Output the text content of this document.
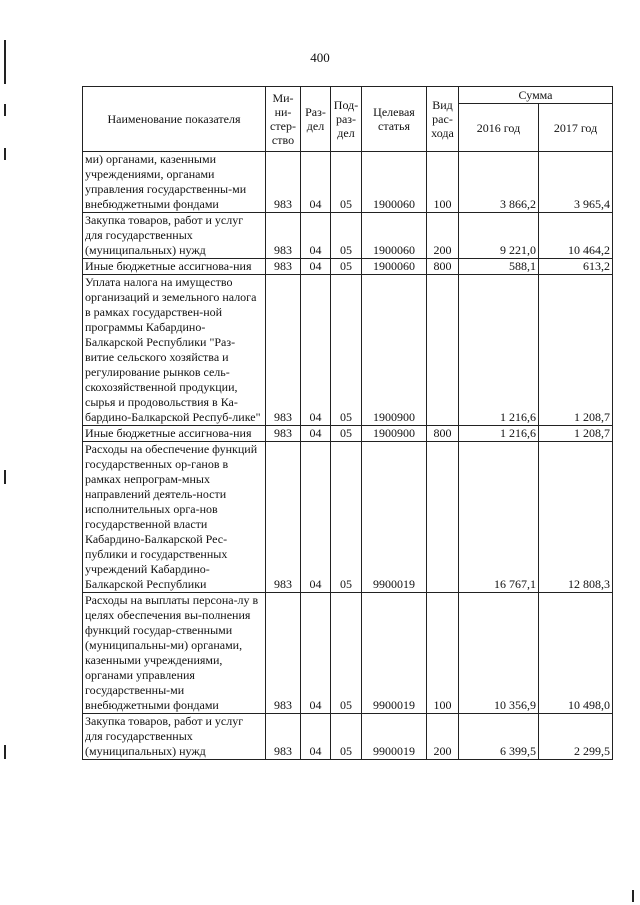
400
Наименование показателя	Ми-ни-стер-ство	Раз-дел	Под-раз-дел	Целевая статья	Вид рас-хода	Сумма	
						2016 год	2017 год
ми) органами, казенными учреждениями, органами управления государственны-ми внебюджетными фондами	983	04	05	1900060	100	3 866,2	3 965,4
Закупка товаров, работ и услуг для государственных (муниципальных) нужд	983	04	05	1900060	200	9 221,0	10 464,2
Иные бюджетные ассигнова-ния	983	04	05	1900060	800	588,1	613,2
Уплата налога на имущество организаций и земельного налога в рамках государствен-ной программы Кабардино-Балкарской Республики "Раз-витие сельского хозяйства и регулирование рынков сель-скохозяйственной продукции, сырья и продовольствия в Ка-бардино-Балкарской Респуб-лике"	983	04	05	1900900		1 216,6	1 208,7
Иные бюджетные ассигнова-ния	983	04	05	1900900	800	1 216,6	1 208,7
Расходы на обеспечение функций государственных ор-ганов в рамках непрограм-мных направлений деятель-ности исполнительных орга-нов государственной власти Кабардино-Балкарской Рес-публики и государственных учреждений Кабардино-Балкарской Республики	983	04	05	9900019		16 767,1	12 808,3
Расходы на выплаты персона-лу в целях обеспечения вы-полнения функций государ-ственными (муниципальны-ми) органами, казенными учреждениями, органами управления государственны-ми внебюджетными фондами	983	04	05	9900019	100	10 356,9	10 498,0
Закупка товаров, работ и услуг для государственных (муниципальных) нужд	983	04	05	9900019	200	6 399,5	2 299,5
